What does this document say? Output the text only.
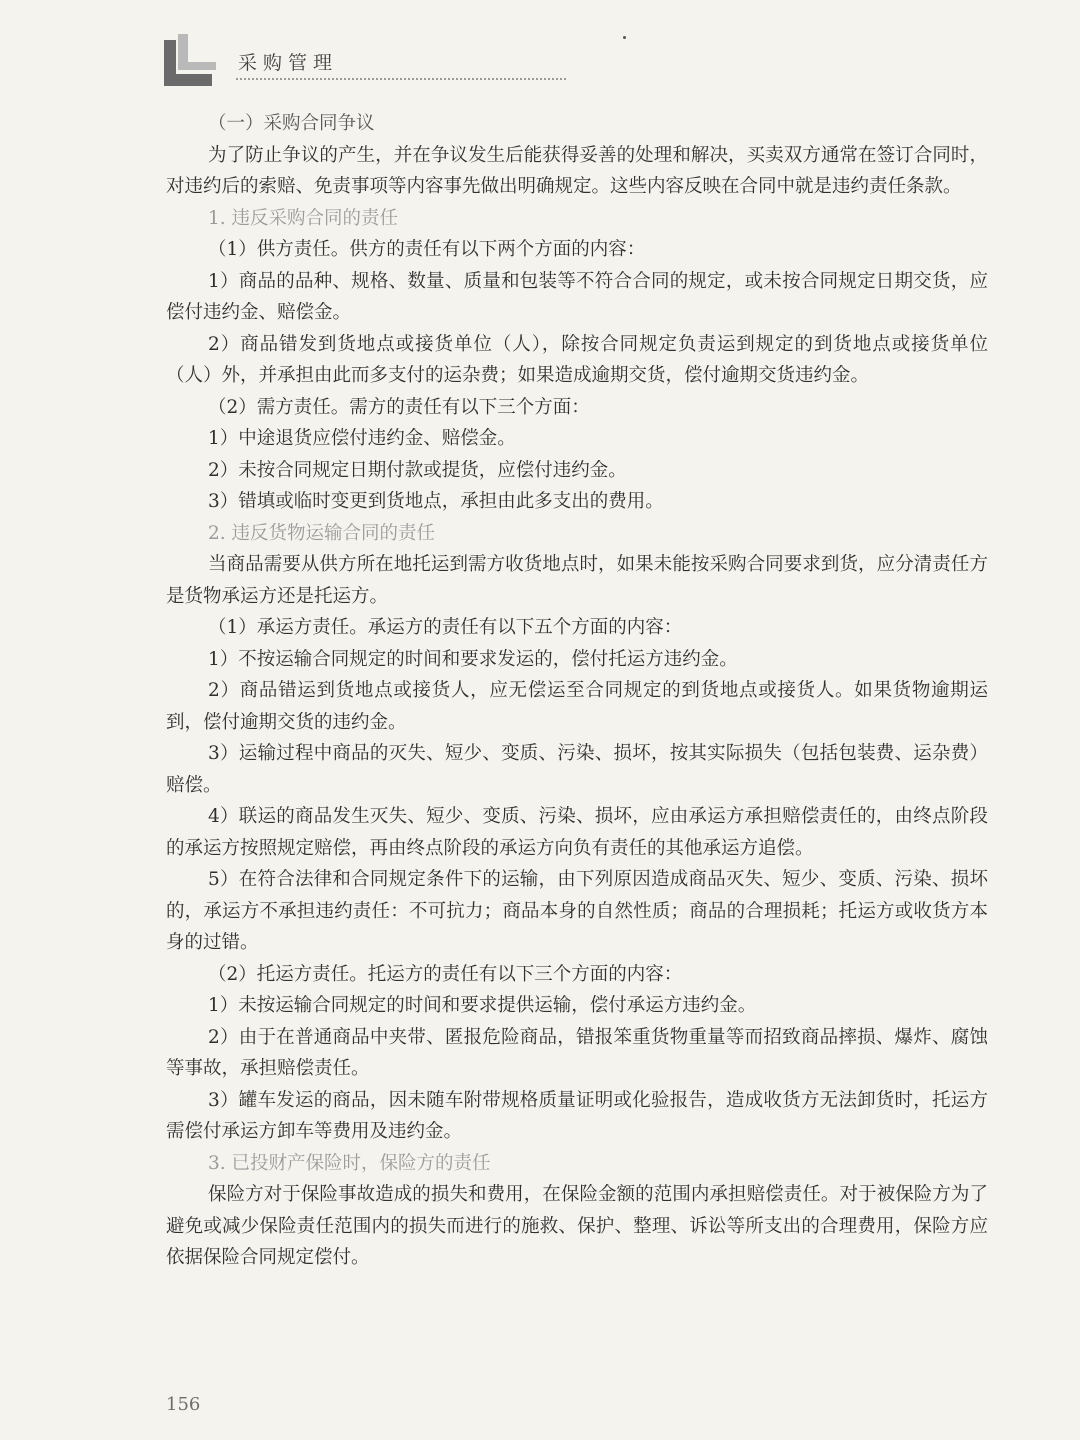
采购管理

（一）采购合同争议

为了防止争议的产生，并在争议发生后能获得妥善的处理和解决，买卖双方通常在签订合同时，对违约后的索赔、免责事项等内容事先做出明确规定。这些内容反映在合同中就是违约责任条款。

1. 违反采购合同的责任

（1）供方责任。供方的责任有以下两个方面的内容：

1）商品的品种、规格、数量、质量和包装等不符合合同的规定，或未按合同规定日期交货，应偿付违约金、赔偿金。

2）商品错发到货地点或接货单位（人），除按合同规定负责运到规定的到货地点或接货单位（人）外，并承担由此而多支付的运杂费；如果造成逾期交货，偿付逾期交货违约金。

（2）需方责任。需方的责任有以下三个方面：

1）中途退货应偿付违约金、赔偿金。

2）未按合同规定日期付款或提货，应偿付违约金。

3）错填或临时变更到货地点，承担由此多支出的费用。

2. 违反货物运输合同的责任

当商品需要从供方所在地托运到需方收货地点时，如果未能按采购合同要求到货，应分清责任方是货物承运方还是托运方。

（1）承运方责任。承运方的责任有以下五个方面的内容：

1）不按运输合同规定的时间和要求发运的，偿付托运方违约金。

2）商品错运到货地点或接货人，应无偿运至合同规定的到货地点或接货人。如果货物逾期运到，偿付逾期交货的违约金。

3）运输过程中商品的灭失、短少、变质、污染、损坏，按其实际损失（包括包装费、运杂费）赔偿。

4）联运的商品发生灭失、短少、变质、污染、损坏，应由承运方承担赔偿责任的，由终点阶段的承运方按照规定赔偿，再由终点阶段的承运方向负有责任的其他承运方追偿。

5）在符合法律和合同规定条件下的运输，由下列原因造成商品灭失、短少、变质、污染、损坏的，承运方不承担违约责任：不可抗力；商品本身的自然性质；商品的合理损耗；托运方或收货方本身的过错。

（2）托运方责任。托运方的责任有以下三个方面的内容：

1）未按运输合同规定的时间和要求提供运输，偿付承运方违约金。

2）由于在普通商品中夹带、匿报危险商品，错报笨重货物重量等而招致商品摔损、爆炸、腐蚀等事故，承担赔偿责任。

3）罐车发运的商品，因未随车附带规格质量证明或化验报告，造成收货方无法卸货时，托运方需偿付承运方卸车等费用及违约金。

3. 已投财产保险时，保险方的责任

保险方对于保险事故造成的损失和费用，在保险金额的范围内承担赔偿责任。对于被保险方为了避免或减少保险责任范围内的损失而进行的施救、保护、整理、诉讼等所支出的合理费用，保险方应依据保险合同规定偿付。

156
